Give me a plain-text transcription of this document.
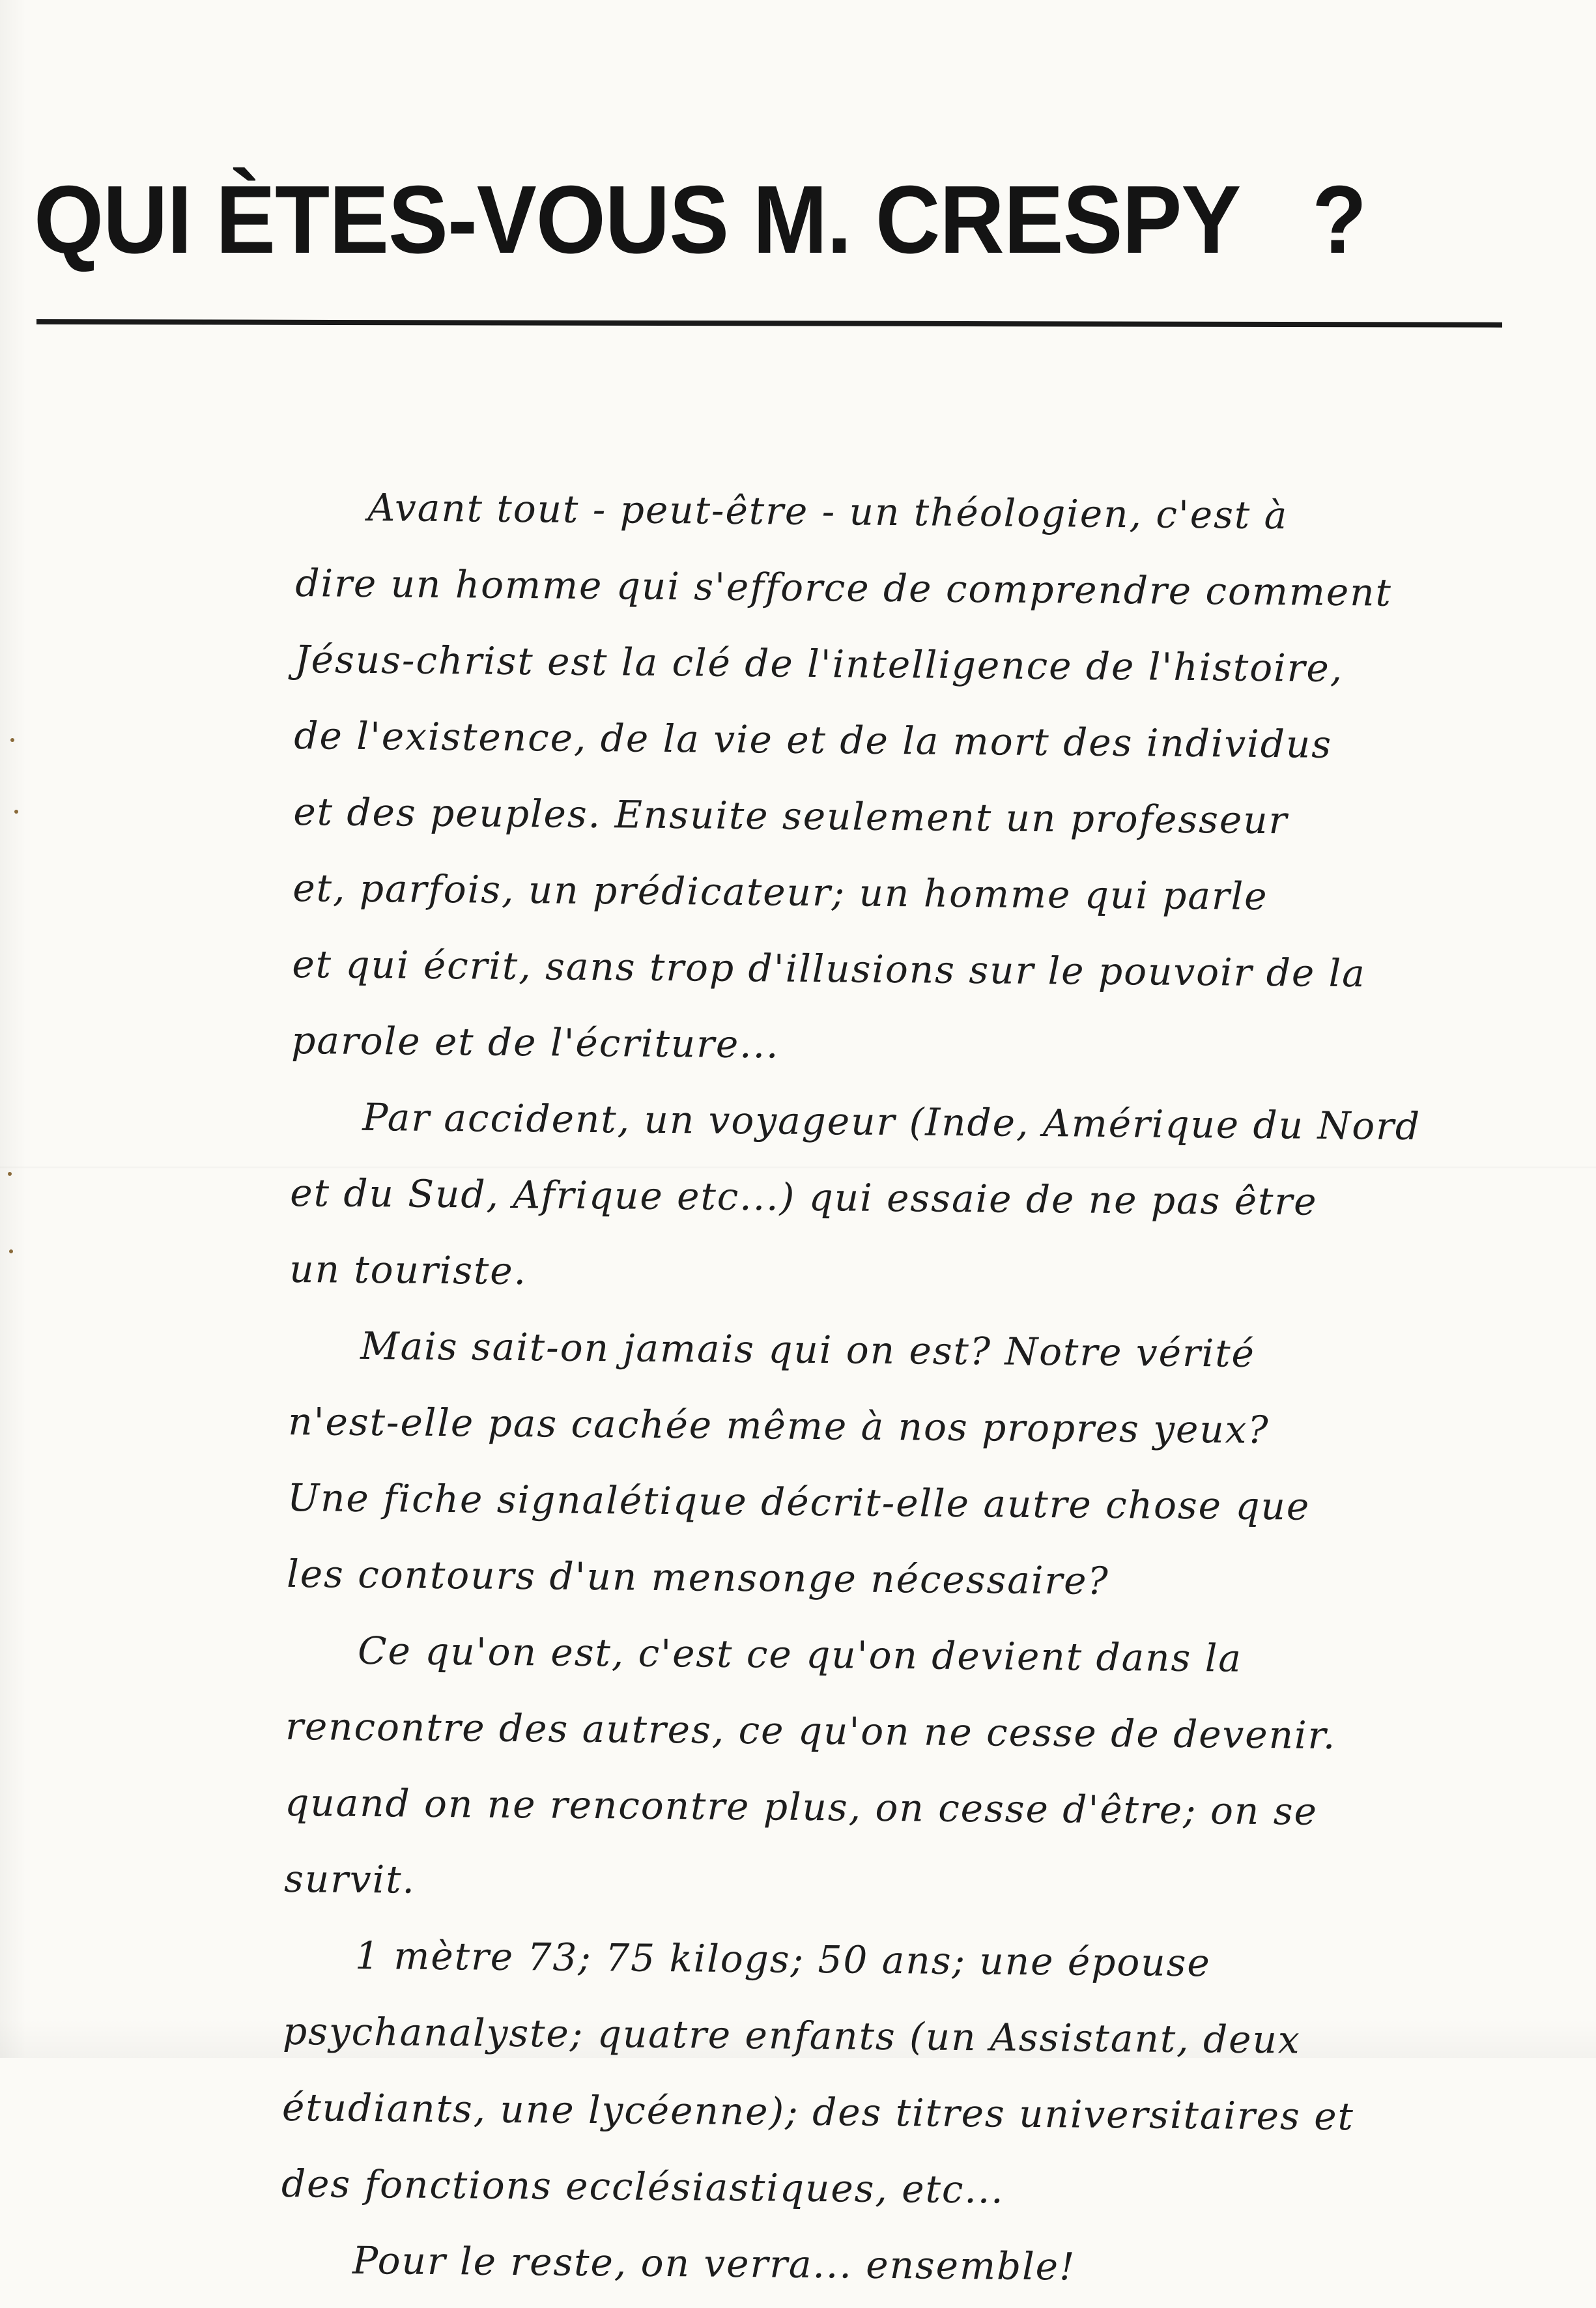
QUI ÈTES-VOUS M. CRESPY ?
Avant tout - peut-être - un théologien, c'est à
dire un homme qui s'efforce de comprendre comment
Jésus-christ est la clé de l'intelligence de l'histoire,
de l'existence, de la vie et de la mort des individus
et des peuples. Ensuite seulement un professeur
et, parfois, un prédicateur; un homme qui parle
et qui écrit, sans trop d'illusions sur le pouvoir de la
parole et de l'écriture...
Par accident, un voyageur (Inde, Amérique du Nord
et du Sud, Afrique etc...) qui essaie de ne pas être
un touriste.
Mais sait-on jamais qui on est? Notre vérité
n'est-elle pas cachée même à nos propres yeux?
Une fiche signalétique décrit-elle autre chose que
les contours d'un mensonge nécessaire?
Ce qu'on est, c'est ce qu'on devient dans la
rencontre des autres, ce qu'on ne cesse de devenir.
quand on ne rencontre plus, on cesse d'être; on se
survit.
1 mètre 73; 75 kilogs; 50 ans; une épouse
psychanalyste; quatre enfants (un Assistant, deux
étudiants, une lycéenne); des titres universitaires et
des fonctions ecclésiastiques, etc...
Pour le reste, on verra... ensemble!
